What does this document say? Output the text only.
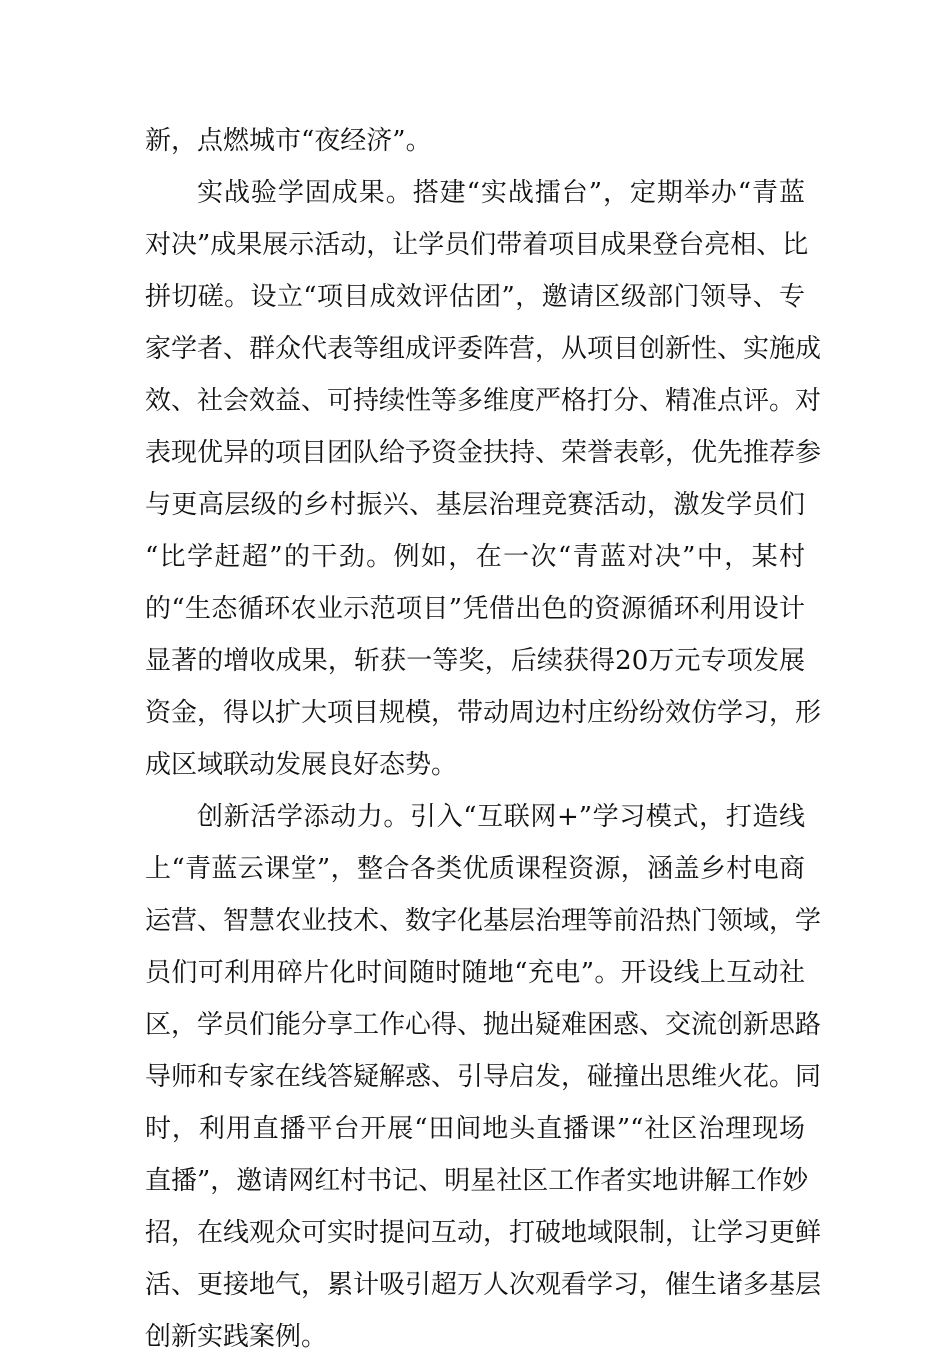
新，点燃城市“夜经济”。
实战验学固成果。搭建“实战擂台”，定期举办“青蓝
对决”成果展示活动，让学员们带着项目成果登台亮相、比
拼切磋。设立“项目成效评估团”，邀请区级部门领导、专
家学者、群众代表等组成评委阵营，从项目创新性、实施成
效、社会效益、可持续性等多维度严格打分、精准点评。对
表现优异的项目团队给予资金扶持、荣誉表彰，优先推荐参
与更高层级的乡村振兴、基层治理竞赛活动，激发学员们
“比学赶超”的干劲。例如，在一次“青蓝对决”中，某村
的“生态循环农业示范项目”凭借出色的资源循环利用设计
显著的增收成果，斩获一等奖，后续获得20万元专项发展
资金，得以扩大项目规模，带动周边村庄纷纷效仿学习，形
成区域联动发展良好态势。
创新活学添动力。引入“互联网+”学习模式，打造线
上“青蓝云课堂”，整合各类优质课程资源，涵盖乡村电商
运营、智慧农业技术、数字化基层治理等前沿热门领域，学
员们可利用碎片化时间随时随地“充电”。开设线上互动社
区，学员们能分享工作心得、抛出疑难困惑、交流创新思路
导师和专家在线答疑解惑、引导启发，碰撞出思维火花。同
时，利用直播平台开展“田间地头直播课”“社区治理现场
直播”，邀请网红村书记、明星社区工作者实地讲解工作妙
招，在线观众可实时提问互动，打破地域限制，让学习更鲜
活、更接地气，累计吸引超万人次观看学习，催生诸多基层
创新实践案例。
